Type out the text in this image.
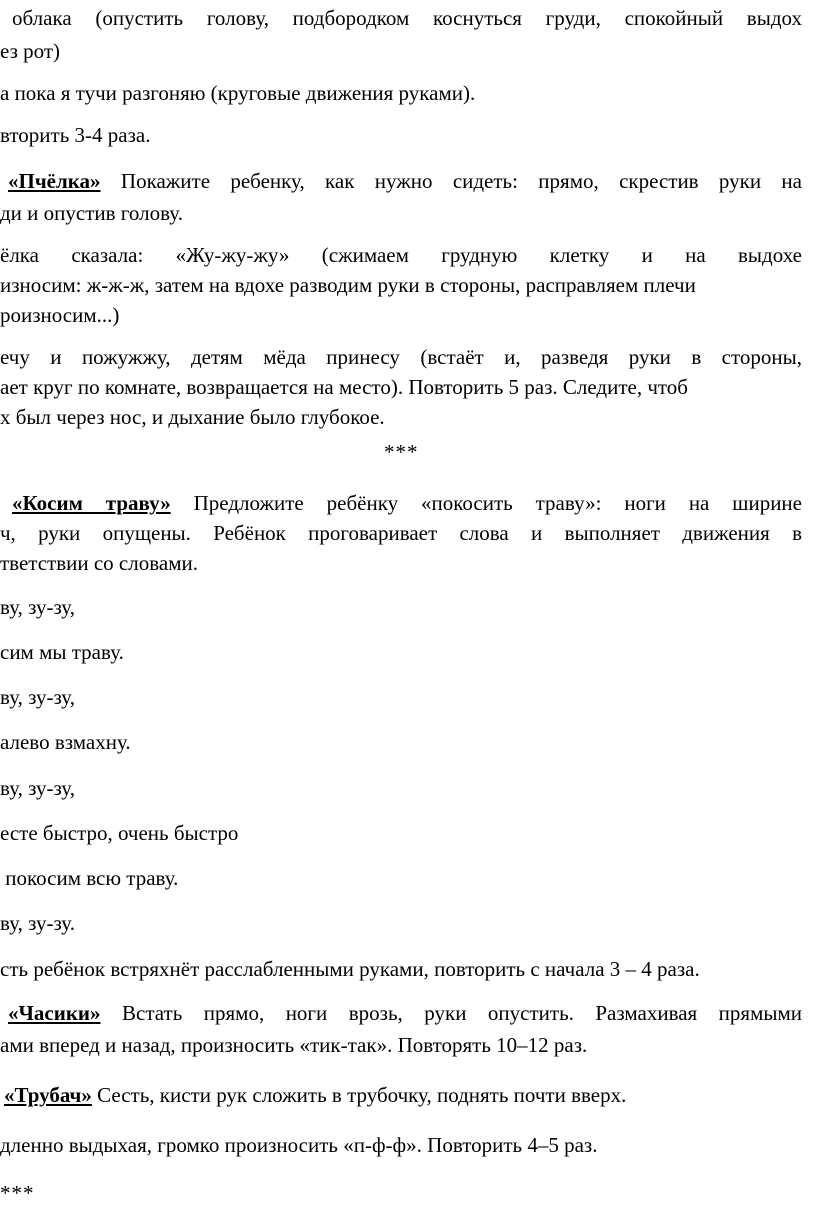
облака (опустить голову, подбородком коснуться груди, спокойный выдох

ез рот)

а пока я тучи разгоняю (круговые движения руками).

вторить 3-4 раза.

«Пчёлка» Покажите ребенку, как нужно сидеть: прямо, скрестив руки на

ди и опустив голову.

ёлка сказала: «Жу-жу-жу» (сжимаем грудную клетку и на выдохе

износим: ж-ж-ж, затем на вдохе разводим руки в стороны, расправляем плечи

роизносим...)

ечу и пожужжу, детям мёда принесу (встаёт и, разведя руки в стороны,

ает круг по комнате, возвращается на место). Повторить 5 раз. Следите, чтоб

х был через нос, и дыхание было глубокое.

***

«Косим траву» Предложите ребёнку «покосить траву»: ноги на ширине

ч, руки опущены. Ребёнок проговаривает слова и выполняет движения в

тветствии со словами.

ву, зу-зу,

сим мы траву.

ву, зу-зу,

алево взмахну.

ву, зу-зу,

есте быстро, очень быстро

покосим всю траву.

ву, зу-зу.

сть ребёнок встряхнёт расслабленными руками, повторить с начала 3 – 4 раза.

«Часики» Встать прямо, ноги врозь, руки опустить. Размахивая прямыми

ами вперед и назад, произносить «тик-так». Повторять 10–12 раз.

«Трубач» Сесть, кисти рук сложить в трубочку, поднять почти вверх.

дленно выдыхая, громко произносить «п-ф-ф». Повторить 4–5 раз.

***
